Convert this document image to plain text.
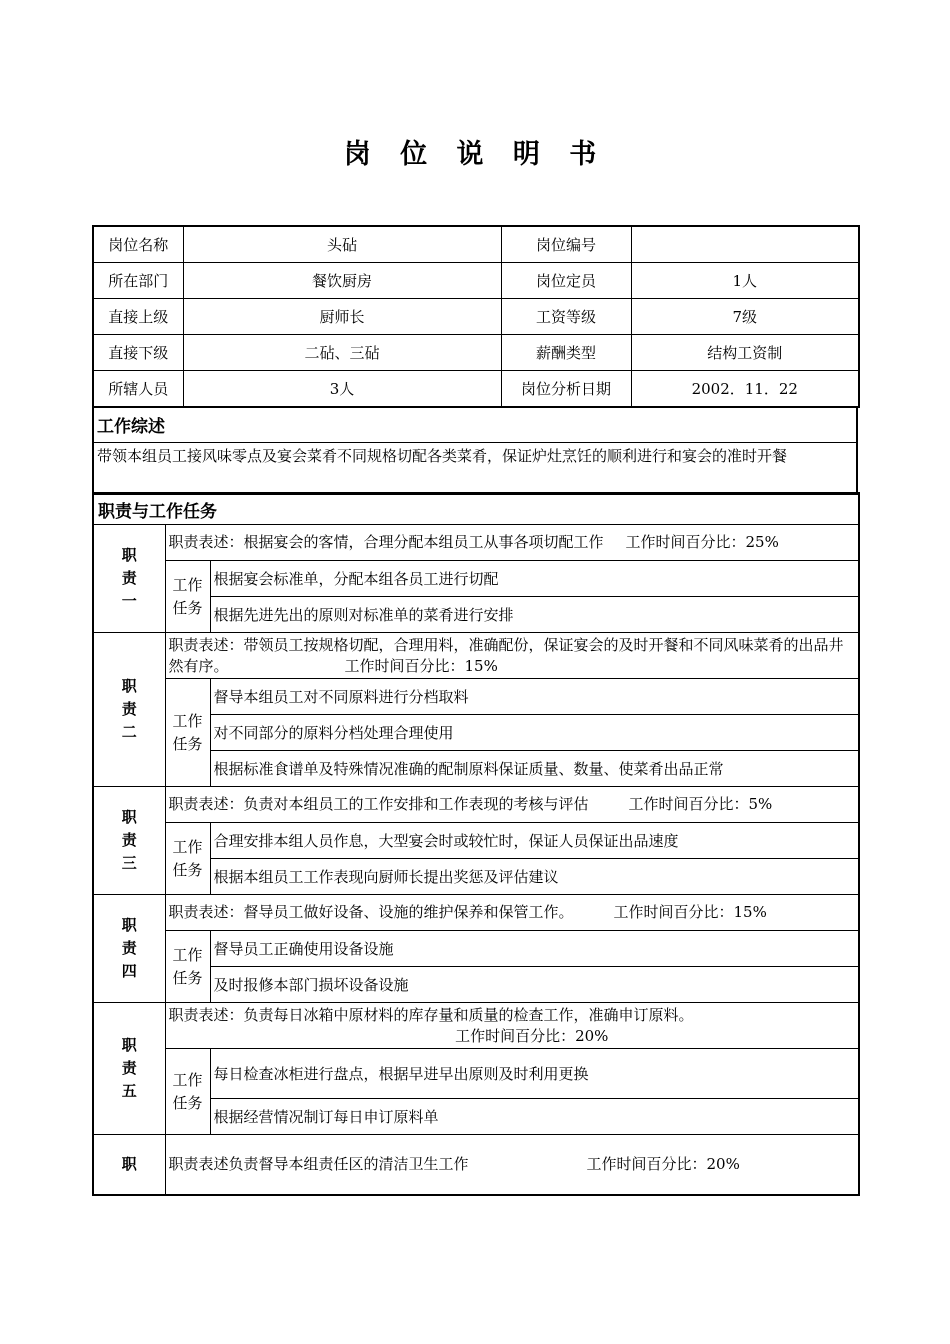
岗 位 说 明 书
岗位名称	头砧	岗位编号	
所在部门	餐饮厨房	岗位定员	1人
直接上级	厨师长	工资等级	7级
直接下级	二砧、三砧	薪酬类型	结构工资制
所辖人员	3人	岗位分析日期	2002．11．22
工作综述
带领本组员工接风味零点及宴会菜肴不同规格切配各类菜肴，保证炉灶烹饪的顺利进行和宴会的准时开餐
职责与工作任务		
职责一	职责表述：根据宴会的客情，合理分配本组员工从事各项切配工作 工作时间百分比：25%	
	工作任务	根据宴会标准单，分配本组各员工进行切配
		根据先进先出的原则对标准单的菜肴进行安排
职责二	职责表述：带领员工按规格切配，合理用料，准确配份，保证宴会的及时开餐和不同风味菜肴的出品井然有序。 工作时间百分比：15%	
	工作任务	督导本组员工对不同原料进行分档取料
		对不同部分的原料分档处理合理使用
		根据标准食谱单及特殊情况准确的配制原料保证质量、数量、使菜肴出品正常
职责三	职责表述：负责对本组员工的工作安排和工作表现的考核与评估 工作时间百分比：5%	
	工作任务	合理安排本组人员作息，大型宴会时或较忙时，保证人员保证出品速度
		根据本组员工工作表现向厨师长提出奖惩及评估建议
职责四	职责表述：督导员工做好设备、设施的维护保养和保管工作。 工作时间百分比：15%	
	工作任务	督导员工正确使用设备设施
		及时报修本部门损坏设备设施
职责五	职责表述：负责每日冰箱中原材料的库存量和质量的检查工作，准确申订原料。
工作时间百分比：20%	

	工作任务	每日检查冰柜进行盘点，根据早进早出原则及时利用更换
		根据经营情况制订每日申订原料单
职	职责表述负责督导本组责任区的清洁卫生工作 工作时间百分比：20%	
